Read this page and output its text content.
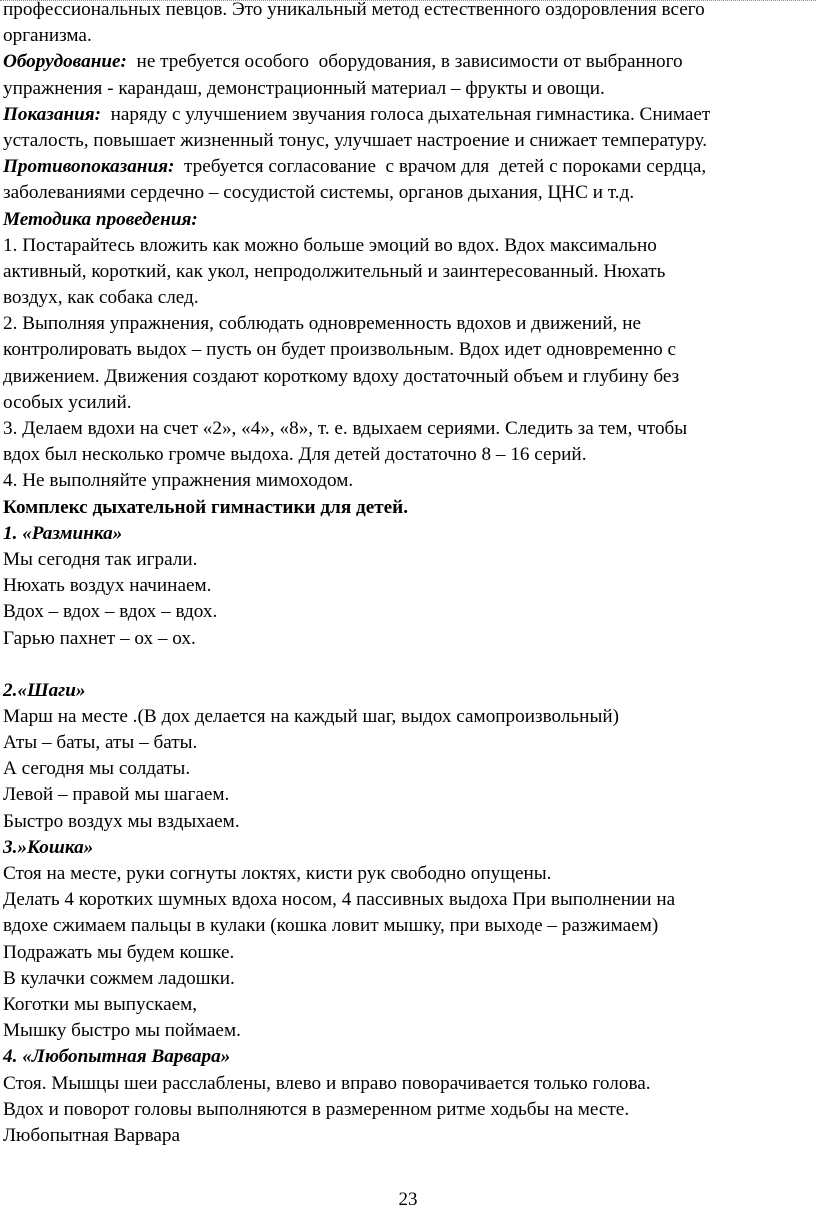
профессиональных певцов. Это уникальный метод естественного оздоровления всего
организма.
Оборудование:  не требуется особого  оборудования, в зависимости от выбранного
упражнения - карандаш, демонстрационный материал – фрукты и овощи.
Показания:  наряду с улучшением звучания голоса дыхательная гимнастика. Снимает
усталость, повышает жизненный тонус, улучшает настроение и снижает температуру.
Противопоказания:  требуется согласование  с врачом для  детей с пороками сердца,
заболеваниями сердечно – сосудистой системы, органов дыхания, ЦНС и т.д.
Методика проведения:
1. Постарайтесь вложить как можно больше эмоций во вдох. Вдох максимально
активный, короткий, как укол, непродолжительный и заинтересованный. Нюхать
воздух, как собака след.
2. Выполняя упражнения, соблюдать одновременность вдохов и движений, не
контролировать выдох – пусть он будет произвольным. Вдох идет одновременно с
движением. Движения создают короткому вдоху достаточный объем и глубину без
особых усилий.
3. Делаем вдохи на счет «2», «4», «8», т. е. вдыхаем сериями. Следить за тем, чтобы
вдох был несколько громче выдоха. Для детей достаточно 8 – 16 серий.
4. Не выполняйте упражнения мимоходом.
Комплекс дыхательной гимнастики для детей.
1. «Разминка»
Мы сегодня так играли.
Нюхать воздух начинаем.
Вдох – вдох – вдох – вдох.
Гарью пахнет – ох – ох.
2.«Шаги»
Марш на месте .(В дох делается на каждый шаг, выдох самопроизвольный)
Аты – баты, аты – баты.
А сегодня мы солдаты.
Левой – правой мы шагаем.
Быстро воздух мы вздыхаем.
3.»Кошка»
Стоя на месте, руки согнуты локтях, кисти рук свободно опущены.
Делать 4 коротких шумных вдоха носом, 4 пассивных выдоха При выполнении на
вдохе сжимаем пальцы в кулаки (кошка ловит мышку, при выходе – разжимаем)
Подражать мы будем кошке.
В кулачки сожмем ладошки.
Коготки мы выпускаем,
Мышку быстро мы поймаем.
4. «Любопытная Варвара»
Стоя. Мышцы шеи расслаблены, влево и вправо поворачивается только голова.
Вдох и поворот головы выполняются в размеренном ритме ходьбы на месте.
Любопытная Варвара
23
